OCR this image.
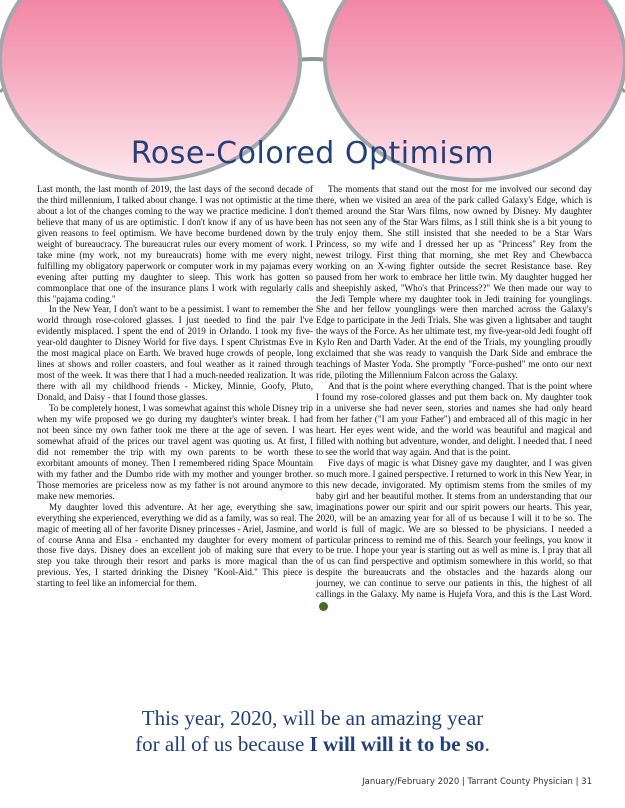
Rose-Colored Optimism

Last month, the last month of 2019, the last days of the second decade of the third millennium, I talked about change. I was not optimistic at the time about a lot of the changes coming to the way we practice medicine. I don't believe that many of us are optimistic. I don't know if any of us have been given reasons to feel optimism. We have become burdened down by the weight of bureaucracy. The bureaucrat rules our every moment of work. I take mine (my work, not my bureaucrats) home with me every night, fulfilling my obligatory paperwork or computer work in my pajamas every evening after putting my daughter to sleep. This work has gotten so commonplace that one of the insurance plans I work with regularly calls this "pajama coding."

In the New Year, I don't want to be a pessimist. I want to remember the world through rose-colored glasses. I just needed to find the pair I've evidently misplaced. I spent the end of 2019 in Orlando. I took my five-year-old daughter to Disney World for five days. I spent Christmas Eve in the most magical place on Earth. We braved huge crowds of people, long lines at shows and roller coasters, and foul weather as it rained through most of the week. It was there that I had a much-needed realization. It was there with all my childhood friends - Mickey, Minnie, Goofy, Pluto, Donald, and Daisy - that I found those glasses.

To be completely honest, I was somewhat against this whole Disney trip when my wife proposed we go during my daughter's winter break. I had not been since my own father took me there at the age of seven. I was somewhat afraid of the prices our travel agent was quoting us. At first, I did not remember the trip with my own parents to be worth these exorbitant amounts of money. Then I remembered riding Space Mountain with my father and the Dumbo ride with my mother and younger brother. Those memories are priceless now as my father is not around anymore to make new memories.

My daughter loved this adventure. At her age, everything she saw, everything she experienced, everything we did as a family, was so real. The magic of meeting all of her favorite Disney princesses - Ariel, Jasmine, and of course Anna and Elsa - enchanted my daughter for every moment of those five days. Disney does an excellent job of making sure that every step you take through their resort and parks is more magical than the previous. Yes, I started drinking the Disney "Kool-Aid." This piece is starting to feel like an infomercial for them.

The moments that stand out the most for me involved our second day there, when we visited an area of the park called Galaxy's Edge, which is themed around the Star Wars films, now owned by Disney. My daughter has not seen any of the Star Wars films, as I still think she is a bit young to truly enjoy them. She still insisted that she needed to be a Star Wars Princess, so my wife and I dressed her up as "Princess" Rey from the newest trilogy. First thing that morning, she met Rey and Chewbacca working on an X-wing fighter outside the secret Resistance base. Rey paused from her work to embrace her little twin. My daughter hugged her and sheepishly asked, "Who's that Princess??" We then made our way to the Jedi Temple where my daughter took in Jedi training for younglings. She and her fellow younglings were then marched across the Galaxy's Edge to participate in the Jedi Trials. She was given a lightsaber and taught the ways of the Force. As her ultimate test, my five-year-old Jedi fought off Kylo Ren and Darth Vader. At the end of the Trials, my youngling proudly exclaimed that she was ready to vanquish the Dark Side and embrace the teachings of Master Yoda. She promptly "Force-pushed" me onto our next ride, piloting the Millennium Falcon across the Galaxy.

And that is the point where everything changed. That is the point where I found my rose-colored glasses and put them back on. My daughter took in a universe she had never seen, stories and names she had only heard from her father ("I am your Father") and embraced all of this magic in her heart. Her eyes went wide, and the world was beautiful and magical and filled with nothing but adventure, wonder, and delight. I needed that. I need to see the world that way again. And that is the point.

Five days of magic is what Disney gave my daughter, and I was given so much more. I gained perspective. I returned to work in this New Year, in this new decade, invigorated. My optimism stems from the smiles of my baby girl and her beautiful mother. It stems from an understanding that our imaginations power our spirit and our spirit powers our hearts. This year, 2020, will be an amazing year for all of us because I will it to be so. The world is full of magic. We are so blessed to be physicians. I needed a particular princess to remind me of this. Search your feelings, you know it to be true. I hope your year is starting out as well as mine is. I pray that all of us can find perspective and optimism somewhere in this world, so that despite the bureaucrats and the obstacles and the hazards along our journey, we can continue to serve our patients in this, the highest of all callings in the Galaxy. My name is Hujefa Vora, and this is the Last Word.

This year, 2020, will be an amazing year
for all of us because I will will it to be so.
January/February 2020 | Tarrant County Physician | 31
